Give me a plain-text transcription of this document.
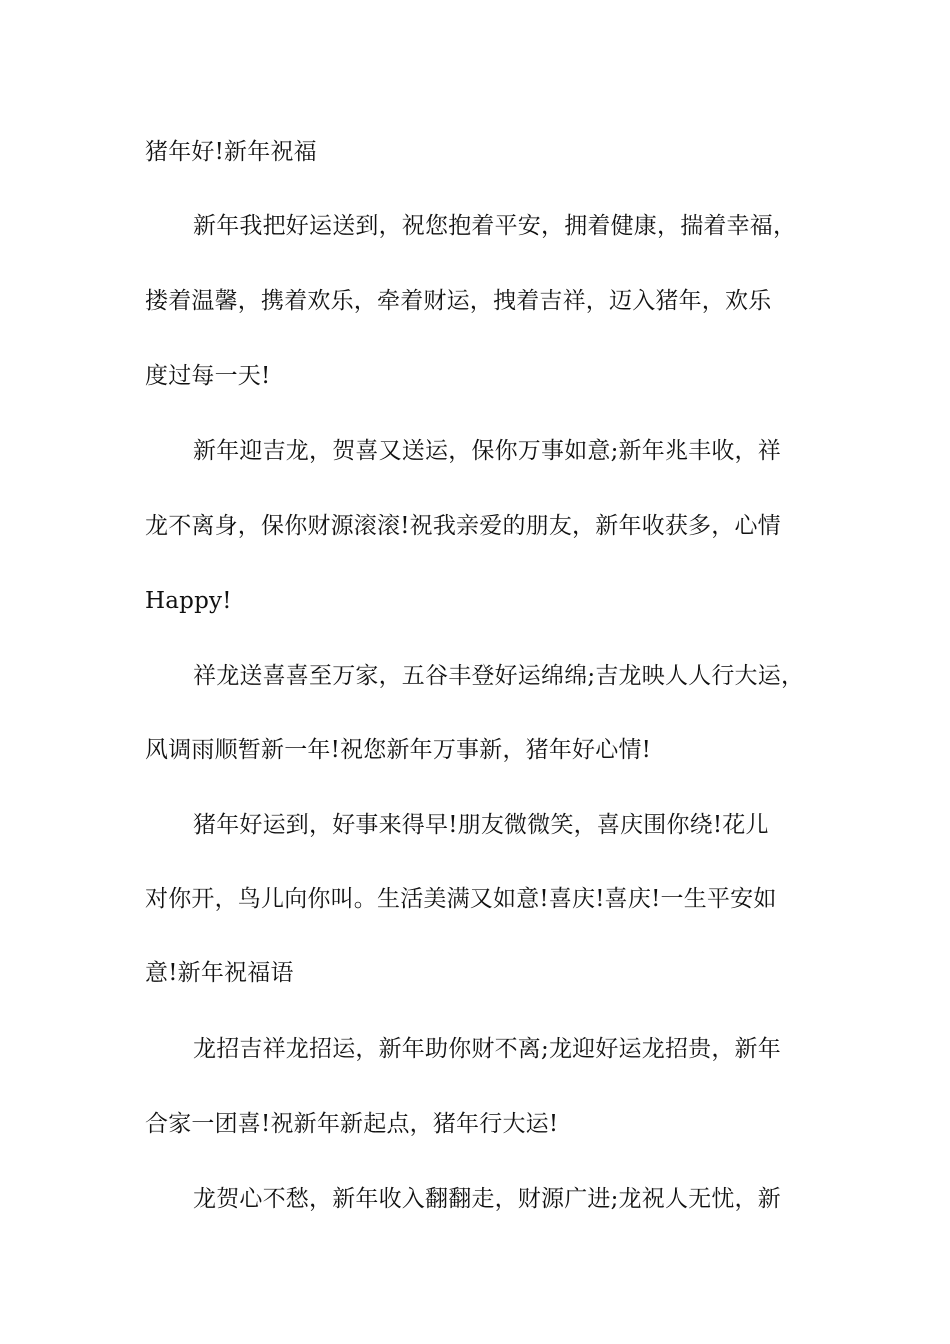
猪年好!新年祝福
新年我把好运送到，祝您抱着平安，拥着健康，揣着幸福，
搂着温馨，携着欢乐，牵着财运，拽着吉祥，迈入猪年，欢乐
度过每一天!
新年迎吉龙，贺喜又送运，保你万事如意;新年兆丰收，祥
龙不离身，保你财源滚滚!祝我亲爱的朋友，新年收获多，心情
Happy!
祥龙送喜喜至万家，五谷丰登好运绵绵;吉龙映人人行大运，
风调雨顺暂新一年!祝您新年万事新，猪年好心情!
猪年好运到，好事来得早!朋友微微笑，喜庆围你绕!花儿
对你开，鸟儿向你叫。生活美满又如意!喜庆!喜庆!一生平安如
意!新年祝福语
龙招吉祥龙招运，新年助你财不离;龙迎好运龙招贵，新年
合家一团喜!祝新年新起点，猪年行大运!
龙贺心不愁，新年收入翻翻走，财源广进;龙祝人无忧，新
